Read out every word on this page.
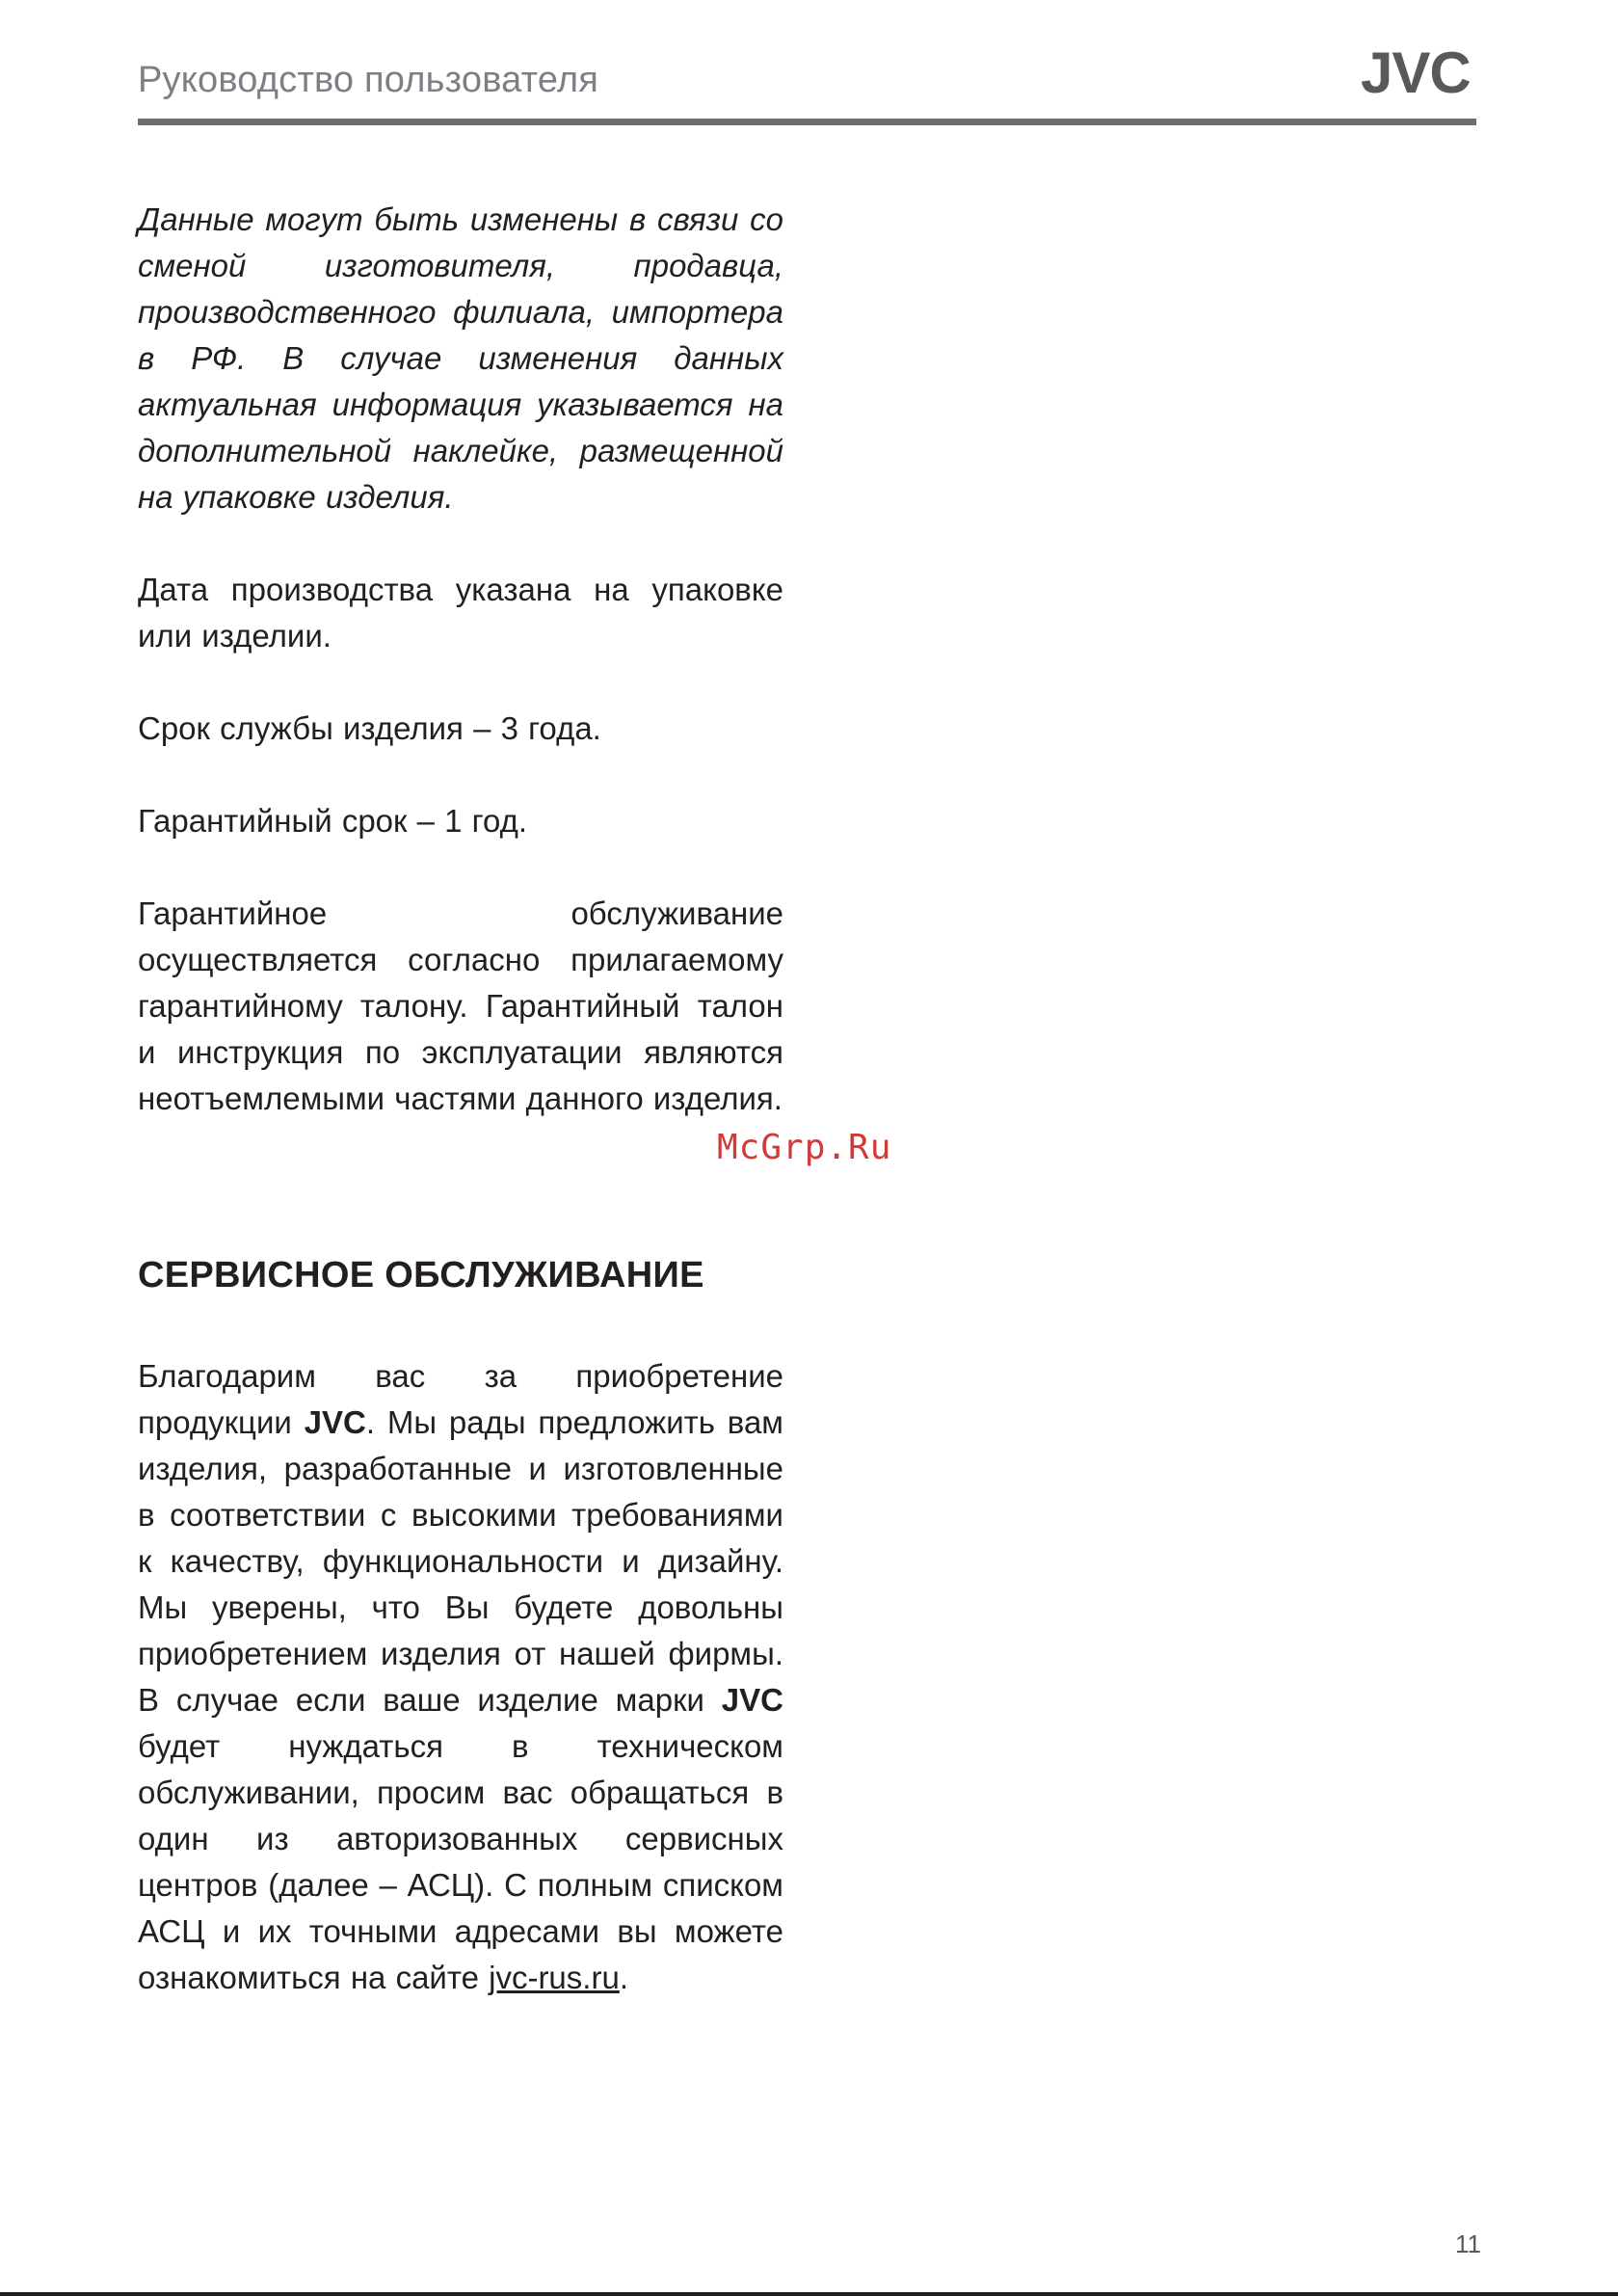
Руководство пользователя	JVC

Данные могут быть изменены в связи со сменой изготовителя, продавца, производственного филиала, импортера в РФ. В случае изменения данных актуальная информация указывается на дополнительной наклейке, размещенной на упаковке изделия.

Дата производства указана на упаковке или изделии.

Срок службы изделия – 3 года.

Гарантийный срок – 1 год.

Гарантийное обслуживание осуществляется согласно прилагаемому гарантийному талону. Гарантийный талон и инструкция по эксплуатации являются неотъемлемыми частями данного изделия.

McGrp.Ru
СЕРВИСНОЕ ОБСЛУЖИВАНИЕ

Благодарим вас за приобретение продукции JVC. Мы рады предложить вам изделия, разработанные и изготовленные в соответствии с высокими требованиями к качеству, функциональности и дизайну. Мы уверены, что Вы будете довольны приобретением изделия от нашей фирмы. В случае если ваше изделие марки JVC будет нуждаться в техническом обслуживании, просим вас обращаться в один из авторизованных сервисных центров (далее – АСЦ). С полным списком АСЦ и их точными адресами вы можете ознакомиться на сайте jvc-rus.ru.

11
